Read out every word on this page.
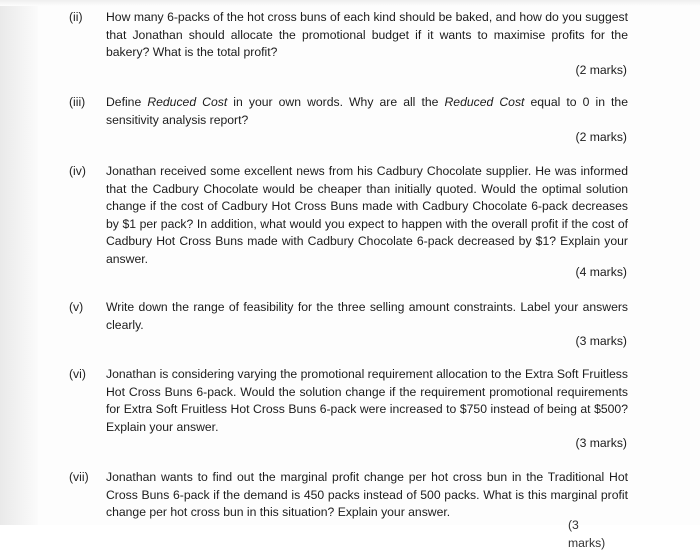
(ii) How many 6-packs of the hot cross buns of each kind should be baked, and how do you suggest that Jonathan should allocate the promotional budget if it wants to maximise profits for the bakery? What is the total profit?
(2 marks)
(iii) Define Reduced Cost in your own words. Why are all the Reduced Cost equal to 0 in the sensitivity analysis report?
(2 marks)
(iv) Jonathan received some excellent news from his Cadbury Chocolate supplier. He was informed that the Cadbury Chocolate would be cheaper than initially quoted. Would the optimal solution change if the cost of Cadbury Hot Cross Buns made with Cadbury Chocolate 6-pack decreases by $1 per pack? In addition, what would you expect to happen with the overall profit if the cost of Cadbury Hot Cross Buns made with Cadbury Chocolate 6-pack decreased by $1? Explain your answer.
(4 marks)
(v) Write down the range of feasibility for the three selling amount constraints. Label your answers clearly.
(3 marks)
(vi) Jonathan is considering varying the promotional requirement allocation to the Extra Soft Fruitless Hot Cross Buns 6-pack. Would the solution change if the requirement promotional requirements for Extra Soft Fruitless Hot Cross Buns 6-pack were increased to $750 instead of being at $500? Explain your answer.
(3 marks)
(vii) Jonathan wants to find out the marginal profit change per hot cross bun in the Traditional Hot Cross Buns 6-pack if the demand is 450 packs instead of 500 packs. What is this marginal profit change per hot cross bun in this situation? Explain your answer.
(3 marks)
